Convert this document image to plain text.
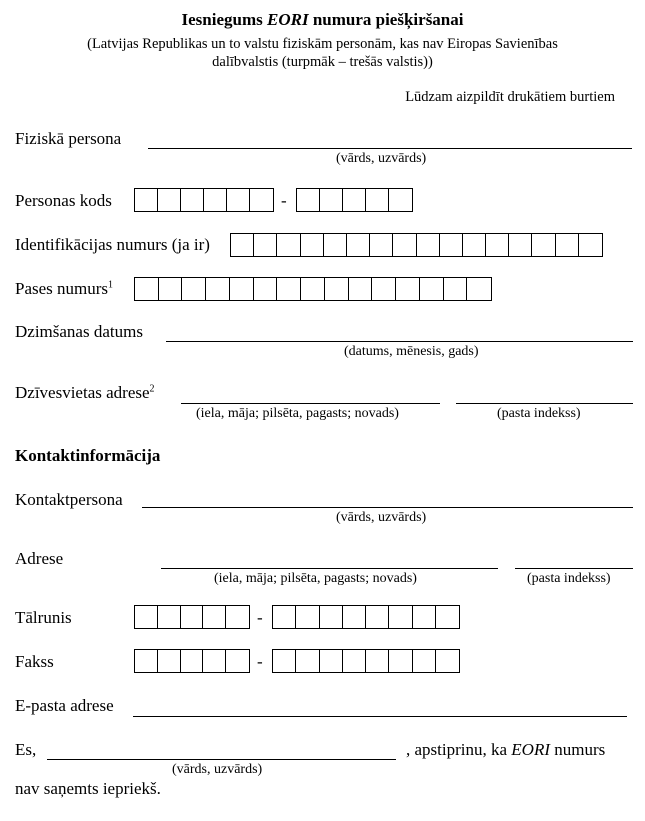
Iesniegums EORI numura piešķiršanai
(Latvijas Republikas un to valstu fiziskām personām, kas nav Eiropas Savienības
dalībvalstis (turpmāk – trešās valstis))
Lūdzam aizpildīt drukātiem burtiem
Fiziskā persona
(vārds, uzvārds)
Personas kods	-
Identifikācijas numurs (ja ir)
Pases numurs$^1$
Dzimšanas datums
(datums, mēnesis, gads)
Dzīvesvietas adrese$^2$
(iela, māja; pilsēta, pagasts; novads)	(pasta indekss)
Kontaktinformācija
Kontaktpersona
(vārds, uzvārds)
Adrese
(iela, māja; pilsēta, pagasts; novads)	(pasta indekss)
Tālrunis	-
Fakss	-
E-pasta adrese
Es,	, apstiprinu, ka EORI numurs
(vārds, uzvārds)
nav saņemts iepriekš.
